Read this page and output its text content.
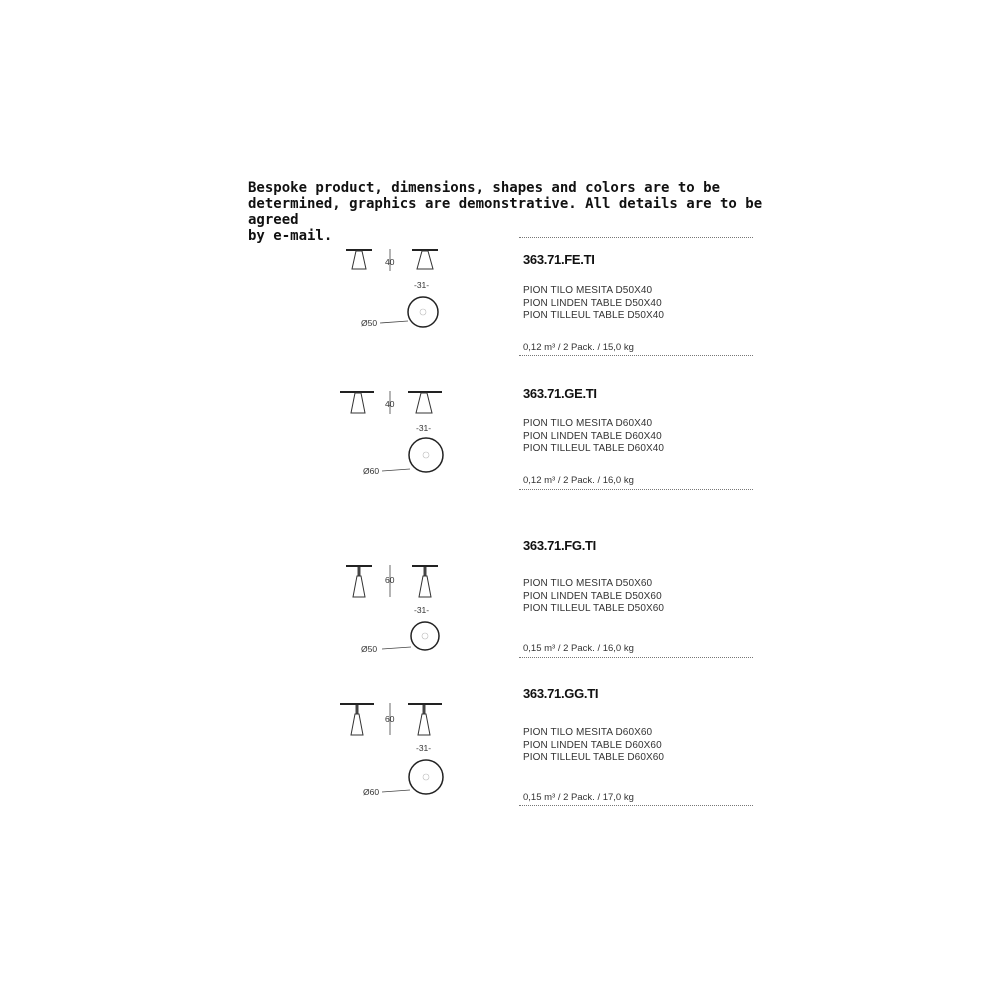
Bespoke product, dimensions, shapes and colors are to be
determined, graphics are demonstrative. All details are to be agreed
by e-mail.

40
-31-
Ø50
363.71.FE.TI
PION TILO MESITA D50X40
PION LINDEN TABLE D50X40
PION TILLEUL TABLE D50X40
0,12 m³ / 2 Pack. / 15,0 kg
40
-31-
Ø60
363.71.GE.TI
PION TILO MESITA D60X40
PION LINDEN TABLE D60X40
PION TILLEUL TABLE D60X40
0,12 m³ / 2 Pack. / 16,0 kg
60
-31-
Ø50
363.71.FG.TI
PION TILO MESITA D50X60
PION LINDEN TABLE D50X60
PION TILLEUL TABLE D50X60
0,15 m³ / 2 Pack. / 16,0 kg
60
-31-
Ø60
363.71.GG.TI
PION TILO MESITA D60X60
PION LINDEN TABLE D60X60
PION TILLEUL TABLE D60X60
0,15 m³ / 2 Pack. / 17,0 kg
